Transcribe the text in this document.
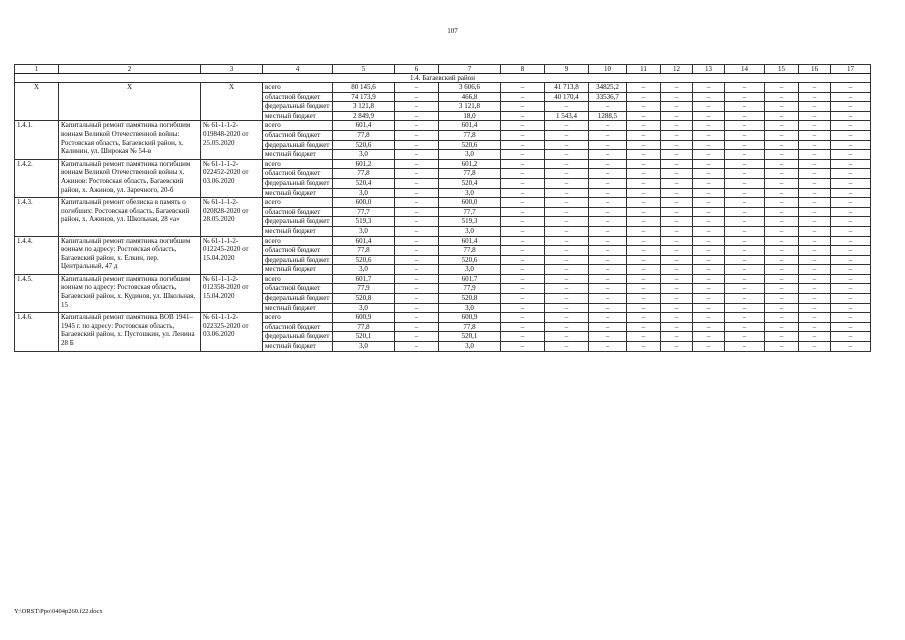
107
1	2	3	4	5	6	7	8	9	10	11	12	13	14	15	16	17
1.4. Багаевский район																
Х	Х	Х	всего	80 145,6	–	3 606,6	–	41 713,8	34825,2	–	–	–	–	–	–	–
			областной бюджет	74 173,9	–	466,8	–	40 170,4	33536,7	–	–	–	–	–	–	–
			федеральный бюджет	3 121,8	–	3 121,8	–	–	–	–	–	–	–	–	–	–
			местный бюджет	2 849,9	–	18,0	–	1 543,4	1288,5	–	–	–	–	–	–	–
1.4.1.	Капитальный ремонт памятника погибшим воинам Великой Отечественной войны: Ростовская область, Багаевский район, х. Калинин, ул. Широкая № 54-в	№ 61-1-1-2-019848-2020 от 25.05.2020	всего	601,4	–	601,4	–	–	–	–	–	–	–	–	–	–
			областной бюджет	77,8	–	77,8	–	–	–	–	–	–	–	–	–	–
			федеральный бюджет	520,6	–	520,6	–	–	–	–	–	–	–	–	–	–
			местный бюджет	3,0	–	3,0	–	–	–	–	–	–	–	–	–	–
1.4.2.	Капитальный ремонт памятника погибшим воинам Великой Отечественной войны х. Ажинов: Ростовская область, Багаевский район, х. Ажинов, ул. Заречного, 20-б	№ 61-1-1-2-022452-2020 от 03.06.2020	всего	601,2	–	601,2	–	–	–	–	–	–	–	–	–	–
			областной бюджет	77,8	–	77,8	–	–	–	–	–	–	–	–	–	–
			федеральный бюджет	520,4	–	520,4	–	–	–	–	–	–	–	–	–	–
			местный бюджет	3,0	–	3,0	–	–	–	–	–	–	–	–	–	–
1.4.3.	Капитальный ремонт обелиска в память о погибших: Ростовская область, Багаевский район, х. Ажинов, ул. Школьная, 28 «а»	№ 61-1-1-2-020828-2020 от 28.05.2020	всего	600,0	–	600,0	–	–	–	–	–	–	–	–	–	–
			областной бюджет	77,7	–	77,7	–	–	–	–	–	–	–	–	–	–
			федеральный бюджет	519,3	–	519,3	–	–	–	–	–	–	–	–	–	–
			местный бюджет	3,0	–	3,0	–	–	–	–	–	–	–	–	–	–
1.4.4.	Капитальный ремонт памятника погибшим воинам по адресу: Ростовская область, Багаевский район, х. Елкин, пер. Центральный, 47 д	№ 61-1-1-2-012245-2020 от 15.04.2020	всего	601,4	–	601,4	–	–	–	–	–	–	–	–	–	–
			областной бюджет	77,8	–	77,8	–	–	–	–	–	–	–	–	–	–
			федеральный бюджет	520,6	–	520,6	–	–	–	–	–	–	–	–	–	–
			местный бюджет	3,0	–	3,0	–	–	–	–	–	–	–	–	–	–
1.4.5.	Капитальный ремонт памятника погибшим воинам по адресу: Ростовская область, Багаевский район, х. Кудинов, ул. Школьная, 15	№ 61-1-1-2-012358-2020 от 15.04.2020	всего	601,7	–	601,7	–	–	–	–	–	–	–	–	–	–
			областной бюджет	77,9	–	77,9	–	–	–	–	–	–	–	–	–	–
			федеральный бюджет	520,8	–	520,8	–	–	–	–	–	–	–	–	–	–
			местный бюджет	3,0	–	3,0	–	–	–	–	–	–	–	–	–	–
1.4.6.	Капитальный ремонт памятника ВОВ 1941–1945 г. по адресу: Ростовская область, Багаевский район, х. Пустошкин, ул. Ленина 28 Б	№ 61-1-1-2-022325-2020 от 03.06.2020	всего	600,9	–	600,9	–	–	–	–	–	–	–	–	–	–
			областной бюджет	77,8	–	77,8	–	–	–	–	–	–	–	–	–	–
			федеральный бюджет	520,1	–	520,1	–	–	–	–	–	–	–	–	–	–
			местный бюджет	3,0	–	3,0	–	–	–	–	–	–	–	–	–	–
Y:\ORST\Ppo\0404p260.f22.docx
